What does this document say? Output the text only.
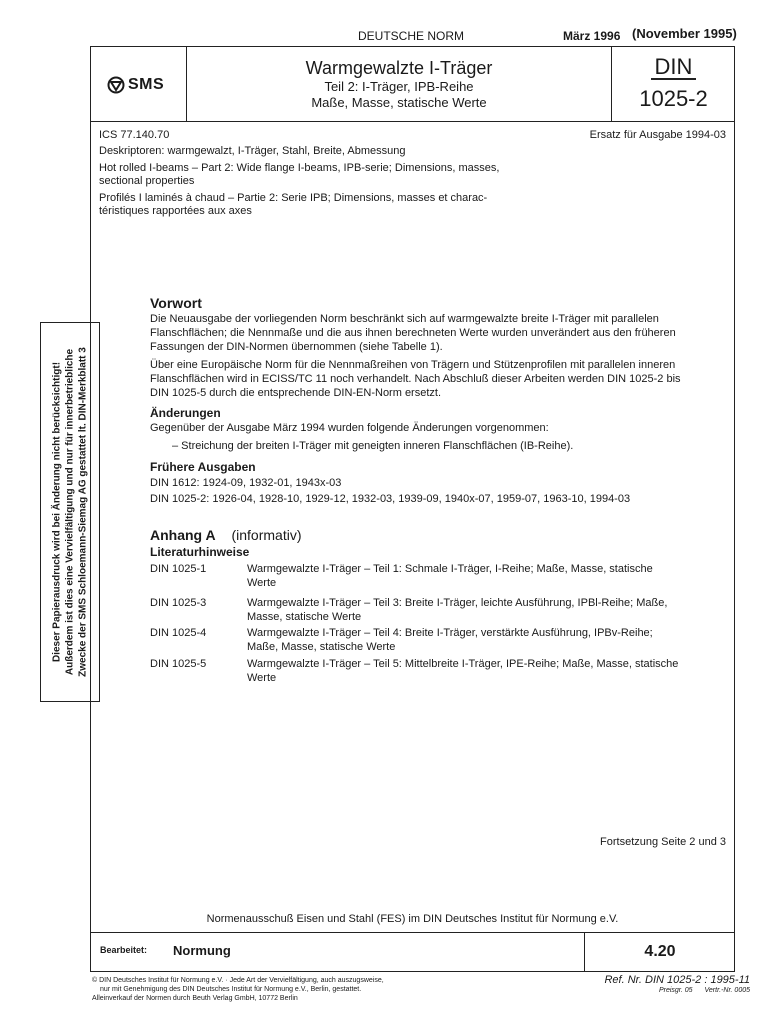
DEUTSCHE NORM	März 1996 (November 1995)
SMS
Warmgewalzte I-Träger
Teil 2: I-Träger, IPB-Reihe
Maße, Masse, statische Werte
DIN
1025-2
ICS 77.140.70	Ersatz für Ausgabe 1994-03
Deskriptoren: warmgewalzt, I-Träger, Stahl, Breite, Abmessung
Hot rolled I-beams – Part 2: Wide flange I-beams, IPB-serie; Dimensions, masses,
sectional properties
Profilés I laminés à chaud – Partie 2: Serie IPB; Dimensions, masses et charac-
téristiques rapportées aux axes
Vorwort
Die Neuausgabe der vorliegenden Norm beschränkt sich auf warmgewalzte breite I-Träger mit parallelen
Flanschflächen; die Nennmaße und die aus ihnen berechneten Werte wurden unverändert aus den früheren
Fassungen der DIN-Normen übernommen (siehe Tabelle 1).
Über eine Europäische Norm für die Nennmaßreihen von Trägern und Stützenprofilen mit parallelen inneren
Flanschflächen wird in ECISS/TC 11 noch verhandelt. Nach Abschluß dieser Arbeiten werden DIN 1025-2 bis
DIN 1025-5 durch die entsprechende DIN-EN-Norm ersetzt.
Änderungen
Gegenüber der Ausgabe März 1994 wurden folgende Änderungen vorgenommen:
– Streichung der breiten I-Träger mit geneigten inneren Flanschflächen (IB-Reihe).
Frühere Ausgaben
DIN 1612: 1924-09, 1932-01, 1943x-03
DIN 1025-2: 1926-04, 1928-10, 1929-12, 1932-03, 1939-09, 1940x-07, 1959-07, 1963-10, 1994-03
Anhang A (informativ)
Literaturhinweise
DIN 1025-1	Warmgewalzte I-Träger – Teil 1: Schmale I-Träger, I-Reihe; Maße, Masse, statische
Werte
DIN 1025-3	Warmgewalzte I-Träger – Teil 3: Breite I-Träger, leichte Ausführung, IPBl-Reihe; Maße,
Masse, statische Werte
DIN 1025-4	Warmgewalzte I-Träger – Teil 4: Breite I-Träger, verstärkte Ausführung, IPBv-Reihe;
Maße, Masse, statische Werte
DIN 1025-5	Warmgewalzte I-Träger – Teil 5: Mittelbreite I-Träger, IPE-Reihe; Maße, Masse, statische
Werte
Fortsetzung Seite 2 und 3
Normenausschuß Eisen und Stahl (FES) im DIN Deutsches Institut für Normung e.V.
Bearbeitet: Normung	4.20
© DIN Deutsches Institut für Normung e.V. · Jede Art der Vervielfältigung, auch auszugsweise,
nur mit Genehmigung des DIN Deutsches Institut für Normung e.V., Berlin, gestattet.
Alleinverkauf der Normen durch Beuth Verlag GmbH, 10772 Berlin
Ref. Nr. DIN 1025-2 : 1995-11
Preisgr. 05 Vertr.-Nr. 0005
Dieser Papierausdruck wird bei Änderung nicht berücksichtigt! Außerdem ist dies eine Vervielfältigung und nur für innerbetriebliche Zwecke der SMS Schloemann-Siemag AG gestattet lt. DIN-Merkblatt 3
